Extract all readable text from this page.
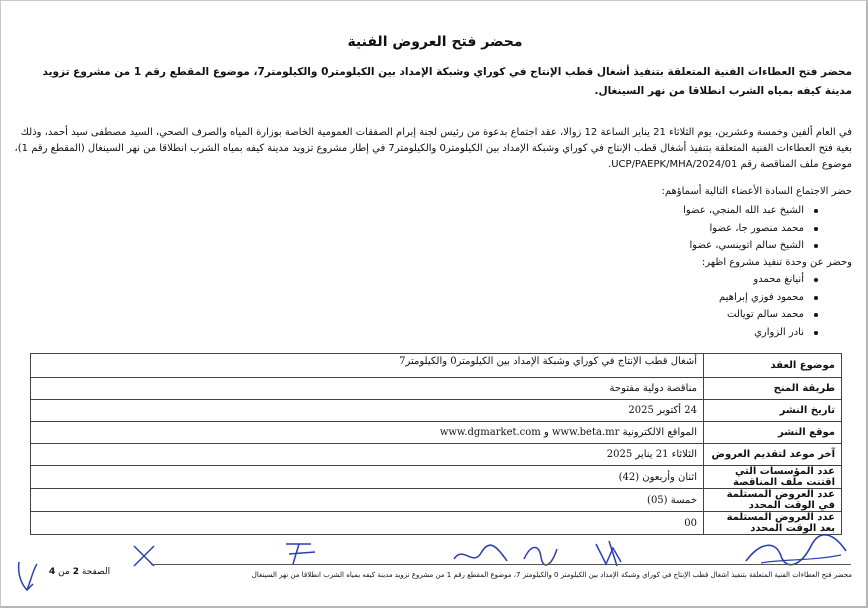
محضر فتح العروض الفنية
محضر فتح العطاءات الفنية المتعلقة بتنفيذ أشغال قطب الإنتاج في كوراي وشبكة الإمداد بين الكيلومتر0 والكيلومتر7، موضوع المقطع رقم 1 من مشروع تزويد مدينة كيفه بمياه الشرب انطلاقا من نهر السينغال.
في العام ألفين وخمسة وعشرين، يوم الثلاثاء 21 يناير الساعة 12 زوالا، عقد اجتماع بدعوة من رئيس لجنة إبرام الصفقات العمومية الخاصة بوزارة المياه والصرف الصحي، السيد مصطفى سيد أحمد، وذلك بغية فتح العطاءات الفنية المتعلقة بتنفيذ أشغال قطب الإنتاج في كوراي وشبكة الإمداد بين الكيلومتر0 والكيلومتر7 في إطار مشروع تزويد مدينة كيفه بمياه الشرب انطلاقا من نهر السينغال (المقطع رقم 1)، موضوع ملف المناقصة رقم 2024/01/UCP/PAEPK/MHA.
حضر الاجتماع السادة الأعضاء التالية أسماؤهم:
الشيخ عبد الله المنجي، عضوا
محمد منصور جا، عضوا
الشيخ سالم اتوينسي، عضوا
وحضر عن وحدة تنفيذ مشروع اظهر:
أنيانغ محمدو
محمود فوزي إبراهيم
محمد سالم تويالت
نادر الزواري
موضوع العقد	أشغال قطب الإنتاج في كوراي وشبكة الإمداد بين الكيلومتر0 والكيلومتر7
طريقة المنح	مناقصة دولية مفتوحة
تاريخ النشر	24 أكتوبر 2025
موقع النشر	المواقع الالكترونية www.beta.mr و www.dgmarket.com
آخر موعد لتقديم العروض	الثلاثاء 21 يناير 2025
عدد المؤسسات التي اقتنت ملف المناقصة	اثنان وأربعون (42)
عدد العروض المستلمة في الوقت المحدد	خمسة (05)
عدد العروض المستلمة بعد الوقت المحدد	00
محضر فتح العطاءات الفنية المتعلقة بتنفيذ أشغال قطب الإنتاج في كوراي وشبكة الإمداد بين الكيلومتر 0 والكيلومتر 7، موضوع المقطع رقم 1 من مشروع تزويد مدينة كيفه بمياه الشرب انطلاقا من نهر السينغال
الصفحة 2 من 4
